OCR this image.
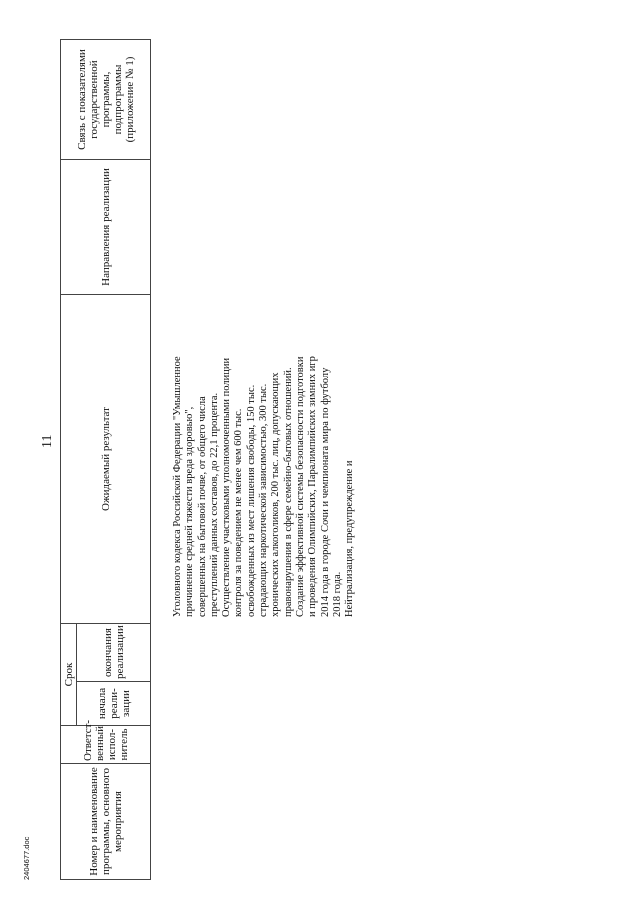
Номер и наименование программы, основного мероприятия	Ответст-венный испол-нитель	Срок		Ожидаемый результат	Направления реализации	Связь с показателями государственной программы, подпрограммы (приложение № 1)
		начала реали-зации	окончания реализации			

Уголовного кодекса Российской Федерации "Умышленное причинение средней тяжести вреда здоровью", совершенных на бытовой почве, от общего числа преступлений данных составов, до 22,1 процента. Осуществление участковыми уполномоченными полиции контроля за поведением не менее чем 600 тыс. освобожденных из мест лишения свободы, 150 тыс. страдающих наркотической зависимостью, 300 тыс. хронических алкоголиков, 200 тыс. лиц, допускающих правонарушения в сфере семейно-бытовых отношений. Создание эффективной системы безопасности подготовки и проведения Олимпийских, Паралимпийских зимних игр 2014 года в городе Сочи и чемпионата мира по футболу 2018 года. Нейтрализация, предупреждение и

11
2404677.doc
